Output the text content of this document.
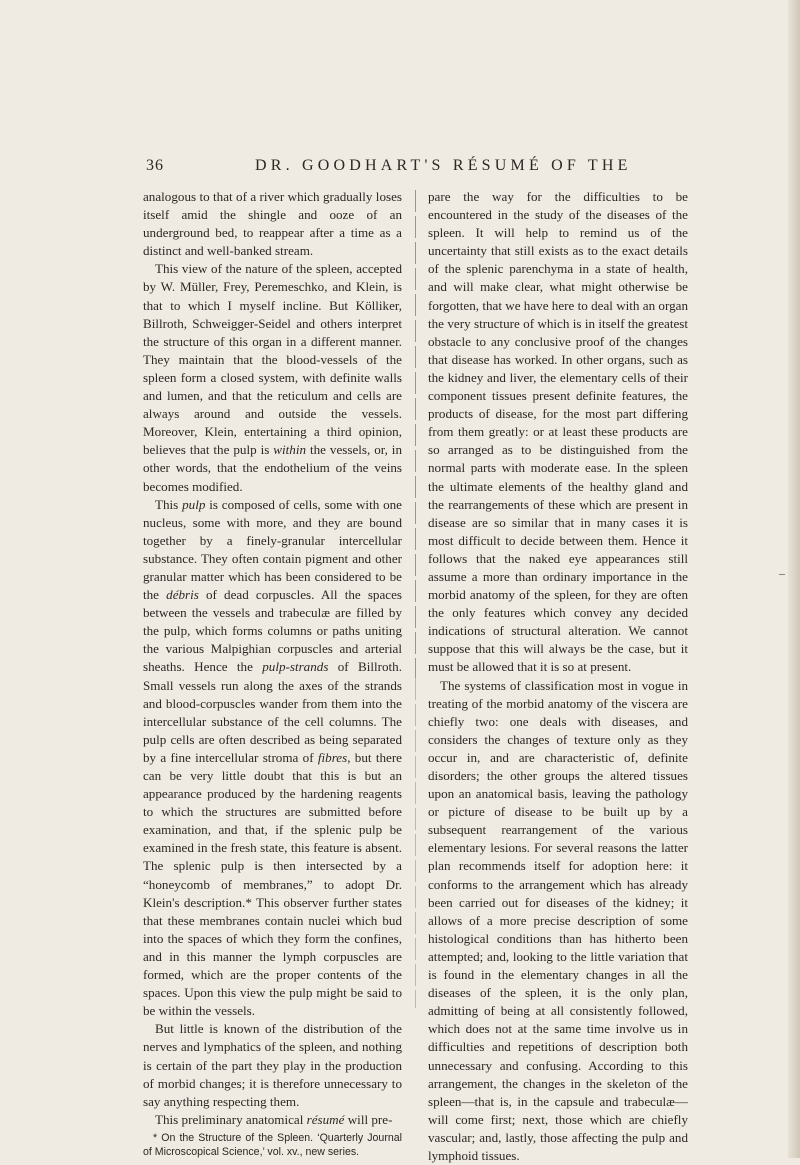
36	DR. GOODHART'S RÉSUMÉ OF THE

analogous to that of a river which gradually loses itself amid the shingle and ooze of an underground bed, to reappear after a time as a distinct and well-banked stream.

This view of the nature of the spleen, accepted by W. Müller, Frey, Peremeschko, and Klein, is that to which I myself incline. But Kölliker, Billroth, Schweigger-Seidel and others interpret the structure of this organ in a different manner. They maintain that the blood-vessels of the spleen form a closed system, with definite walls and lumen, and that the reticulum and cells are always around and outside the vessels. Moreover, Klein, entertaining a third opinion, believes that the pulp is within the vessels, or, in other words, that the endothelium of the veins becomes modified.

This pulp is composed of cells, some with one nucleus, some with more, and they are bound together by a finely-granular intercellular substance. They often contain pigment and other granular matter which has been considered to be the débris of dead corpuscles. All the spaces between the vessels and trabeculæ are filled by the pulp, which forms columns or paths uniting the various Malpighian corpuscles and arterial sheaths. Hence the pulp-strands of Billroth. Small vessels run along the axes of the strands and blood-corpuscles wander from them into the intercellular substance of the cell columns. The pulp cells are often described as being separated by a fine intercellular stroma of fibres, but there can be very little doubt that this is but an appearance produced by the hardening reagents to which the structures are submitted before examination, and that, if the splenic pulp be examined in the fresh state, this feature is absent. The splenic pulp is then intersected by a “honeycomb of membranes,” to adopt Dr. Klein's description.* This observer further states that these membranes contain nuclei which bud into the spaces of which they form the confines, and in this manner the lymph corpuscles are formed, which are the proper contents of the spaces. Upon this view the pulp might be said to be within the vessels.

But little is known of the distribution of the nerves and lymphatics of the spleen, and nothing is certain of the part they play in the production of morbid changes; it is therefore unnecessary to say anything respecting them.

This preliminary anatomical résumé will pre-

* On the Structure of the Spleen. ‘Quarterly Journal of Microscopical Science,’ vol. xv., new series.

pare the way for the difficulties to be encountered in the study of the diseases of the spleen. It will help to remind us of the uncertainty that still exists as to the exact details of the splenic parenchyma in a state of health, and will make clear, what might otherwise be forgotten, that we have here to deal with an organ the very structure of which is in itself the greatest obstacle to any conclusive proof of the changes that disease has worked. In other organs, such as the kidney and liver, the elementary cells of their component tissues present definite features, the products of disease, for the most part differing from them greatly: or at least these products are so arranged as to be distinguished from the normal parts with moderate ease. In the spleen the ultimate elements of the healthy gland and the rearrangements of these which are present in disease are so similar that in many cases it is most difficult to decide between them. Hence it follows that the naked eye appearances still assume a more than ordinary importance in the morbid anatomy of the spleen, for they are often the only features which convey any decided indications of structural alteration. We cannot suppose that this will always be the case, but it must be allowed that it is so at present.

The systems of classification most in vogue in treating of the morbid anatomy of the viscera are chiefly two: one deals with diseases, and considers the changes of texture only as they occur in, and are characteristic of, definite disorders; the other groups the altered tissues upon an anatomical basis, leaving the pathology or picture of disease to be built up by a subsequent rearrangement of the various elementary lesions. For several reasons the latter plan recommends itself for adoption here: it conforms to the arrangement which has already been carried out for diseases of the kidney; it allows of a more precise description of some histological conditions than has hitherto been attempted; and, looking to the little variation that is found in the elementary changes in all the diseases of the spleen, it is the only plan, admitting of being at all consistently followed, which does not at the same time involve us in difficulties and repetitions of description both unnecessary and confusing. According to this arrangement, the changes in the skeleton of the spleen—that is, in the capsule and trabeculæ—will come first; next, those which are chiefly vascular; and, lastly, those affecting the pulp and lymphoid tissues.
